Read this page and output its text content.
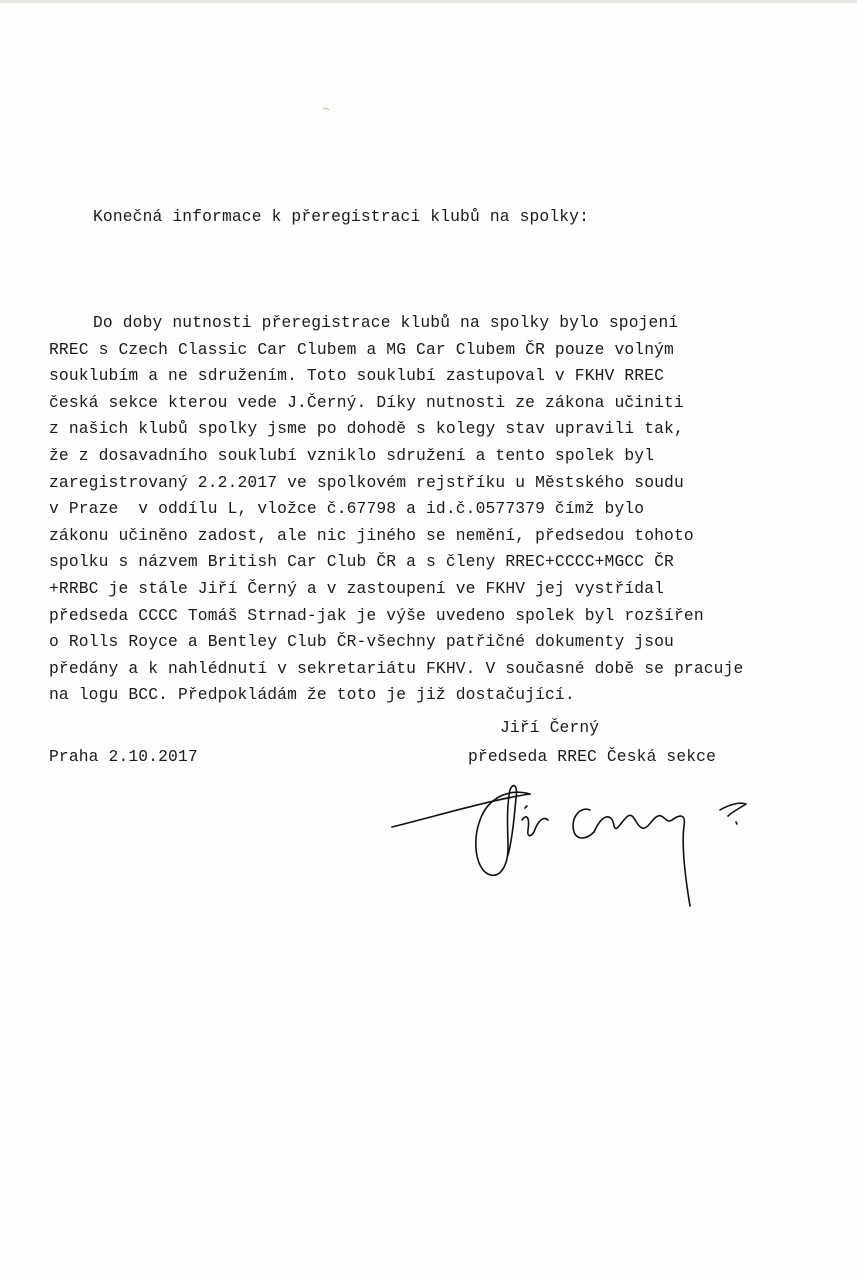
Konečná informace k přeregistraci klubů na spolky:
Do doby nutnosti přeregistrace klubů na spolky bylo spojení
RREC s Czech Classic Car Clubem a MG Car Clubem ČR pouze volným
souklubím a ne sdružením. Toto souklubí zastupoval v FKHV RREC
česká sekce kterou vede J.Černý. Díky nutnosti ze zákona učiniti
z našich klubů spolky jsme po dohodě s kolegy stav upravili tak,
že z dosavadního souklubí vzniklo sdružení a tento spolek byl
zaregistrovaný 2.2.2017 ve spolkovém rejstříku u Městského soudu
v Praze  v oddílu L, vložce č.67798 a id.č.0577379 čímž bylo
zákonu učiněno zadost, ale nic jiného se nemění, předsedou tohoto
spolku s názvem British Car Club ČR a s členy RREC+CCCC+MGCC ČR
+RRBC je stále Jiří Černý a v zastoupení ve FKHV jej vystřídal
předseda CCCC Tomáš Strnad-jak je výše uvedeno spolek byl rozšířen
o Rolls Royce a Bentley Club ČR-všechny patřičné dokumenty jsou
předány a k nahlédnutí v sekretariátu FKHV. V současné době se pracuje
na logu BCC. Předpokládám že toto je již dostačující.
Jiří Černý
Praha 2.10.2017	předseda RREC Česká sekce
